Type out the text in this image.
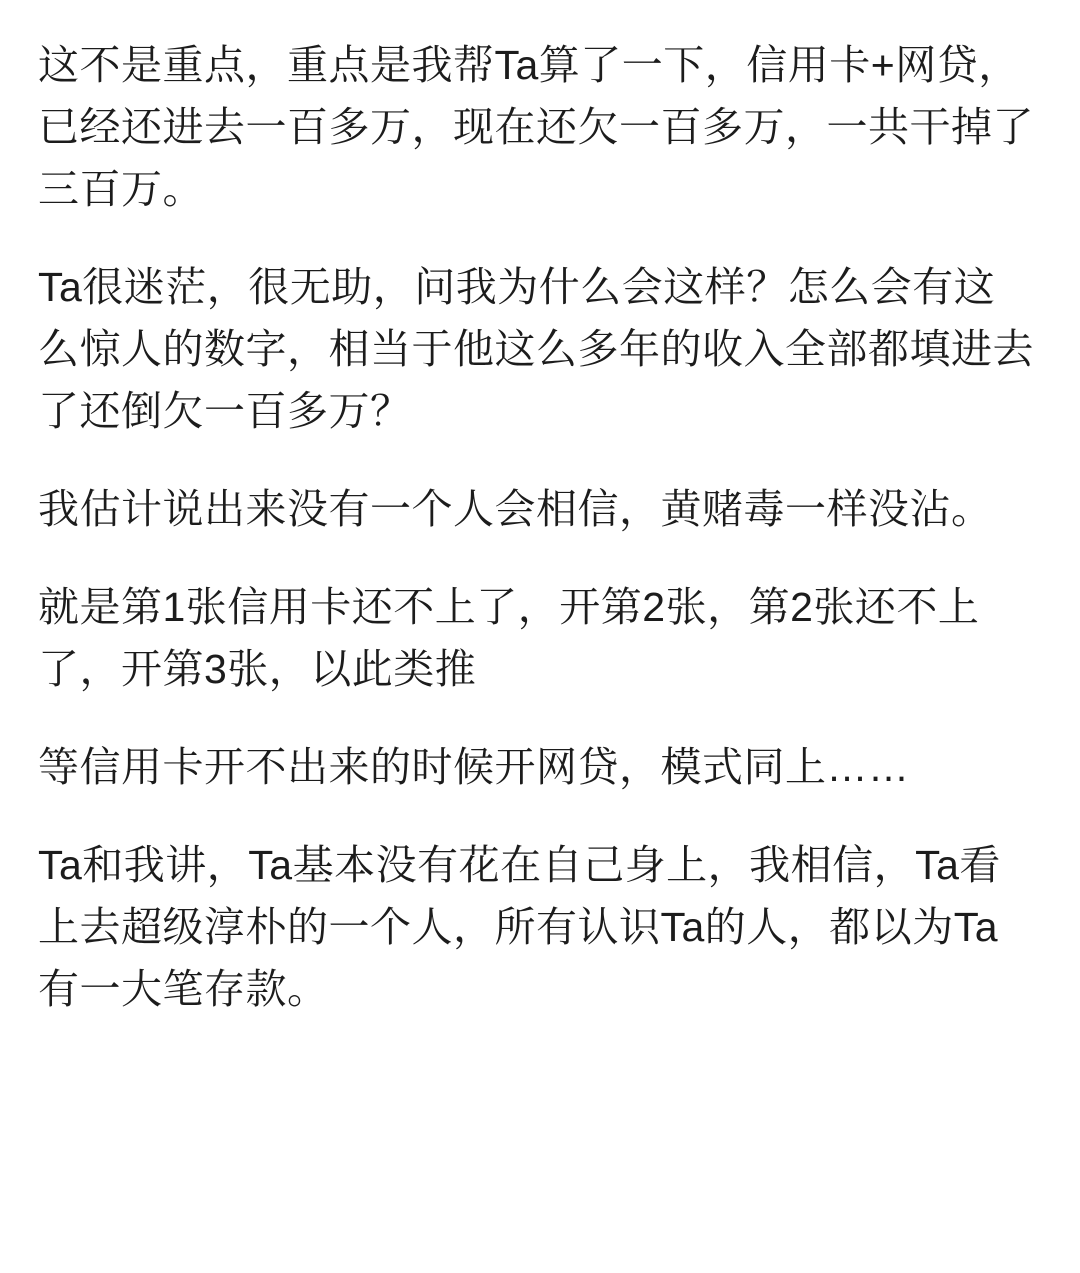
这不是重点，重点是我帮Ta算了一下，信用卡+网贷，已经还进去一百多万，现在还欠一百多万，一共干掉了三百万。

Ta很迷茫，很无助，问我为什么会这样？怎么会有这么惊人的数字，相当于他这么多年的收入全部都填进去了还倒欠一百多万？

我估计说出来没有一个人会相信，黄赌毒一样没沾。

就是第1张信用卡还不上了，开第2张，第2张还不上了，开第3张，以此类推

等信用卡开不出来的时候开网贷，模式同上……

Ta和我讲，Ta基本没有花在自己身上，我相信，Ta看上去超级淳朴的一个人，所有认识Ta的人，都以为Ta有一大笔存款。
